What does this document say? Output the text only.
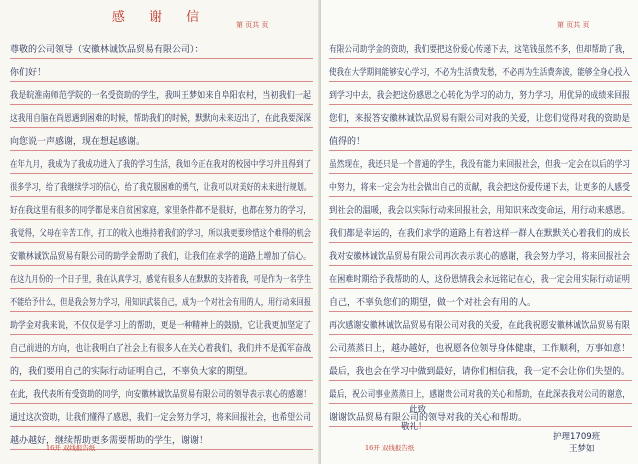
感 谢 信	第 页共 页
尊敬的公司领导（安徽林诚饮品贸易有限公司）：
你们好！
我是皖淮南师范学院的一名受资助的学生，我叫王梦如来自阜阳农村，当初我们一起
这我用自脑在尚恩遇到困难的时候，帮助我们的时候，默默向未来迈出了，在此我要深深
向您说一声感谢，现在想起感谢。
在年九月，我成为了我成功进入了我的学习生活，我如今正在我对的校园中学习并且得到了
很多学习，给了我继续学习的信心，给了我克服困难的勇气，让我可以对美好的未来进行规划。
好在我这里有很多的同学都是来自贫困家庭，家里条件都不是很好，也都在努力的学习，
我觉得，父母在辛苦工作，打工的收入也维持着我们的学习，所以我更要珍惜这个难得的机会
安徽林诚饮品贸易有限公司的助学金帮助了我们，让我们在求学的道路上增加了信心。
在这九月份的一个日子里，我在认真学习，感觉有很多人在默默的支持着我，可是作为一名学生
不能给予什么，但是我会努力学习，用知识武装自己，成为一个对社会有用的人，用行动来回报
助学金对我来说，不仅仅是学习上的帮助，更是一种精神上的鼓励，它让我更加坚定了
自己前进的方向，也让我明白了社会上有很多人在关心着我们，我们并不是孤军奋战
的，我们要用自己的实际行动证明自己，不辜负大家的期望。
在此，我代表所有受资助的同学，向安徽林诚饮品贸易有限公司的领导表示衷心的感谢！
通过这次资助，让我们懂得了感恩，我们一定会努力学习，将来回报社会，也希望公司
越办越好，继续帮助更多需要帮助的学生，谢谢！
16开 双线报告纸
第 页共 页
有限公司助学金的资助，我们要把这份爱心传递下去，这笔钱虽然不多，但却帮助了我，
使我在大学期间能够安心学习，不必为生活费发愁，不必再为生活费奔波，能够全身心投入
到学习中去，我会把这份感恩之心转化为学习的动力，努力学习，用优异的成绩来回报
您们，来报答安徽林诚饮品贸易有限公司对我的关爱，让您们觉得对我的资助是
值得的！
虽然现在，我还只是一个普通的学生，我没有能力来回报社会，但我一定会在以后的学习
中努力，将来一定会为社会做出自己的贡献，我会把这份爱传递下去，让更多的人感受
到社会的温暖，我会以实际行动来回报社会，用知识来改变命运，用行动来感恩。
我们都是幸运的，在我们求学的道路上有着这样一群人在默默关心着我们的成长
我对安徽林诚饮品贸易有限公司再次表示衷心的感谢，我会努力学习，将来回报社会
在困难时期给予我帮助的人，这份恩情我会永远铭记在心，我一定会用实际行动证明
自己，不辜负您们的期望，做一个对社会有用的人。
再次感谢安徽林诚饮品贸易有限公司对我的关爱，在此我祝愿安徽林诚饮品贸易有限
公司蒸蒸日上，越办越好，也祝愿各位领导身体健康，工作顺利，万事如意！
最后，我也会在学习中做到最好，请你们相信我，我一定不会让你们失望的。
最后，祝公司事业蒸蒸日上，感谢贵公司对我的关心和帮助，在此深表我对公司的谢意，
谢谢饮品贸易有限公司的领导对我的关心和帮助。
此致
敬礼！
护理1709班
王梦如
16开 双线报告纸
